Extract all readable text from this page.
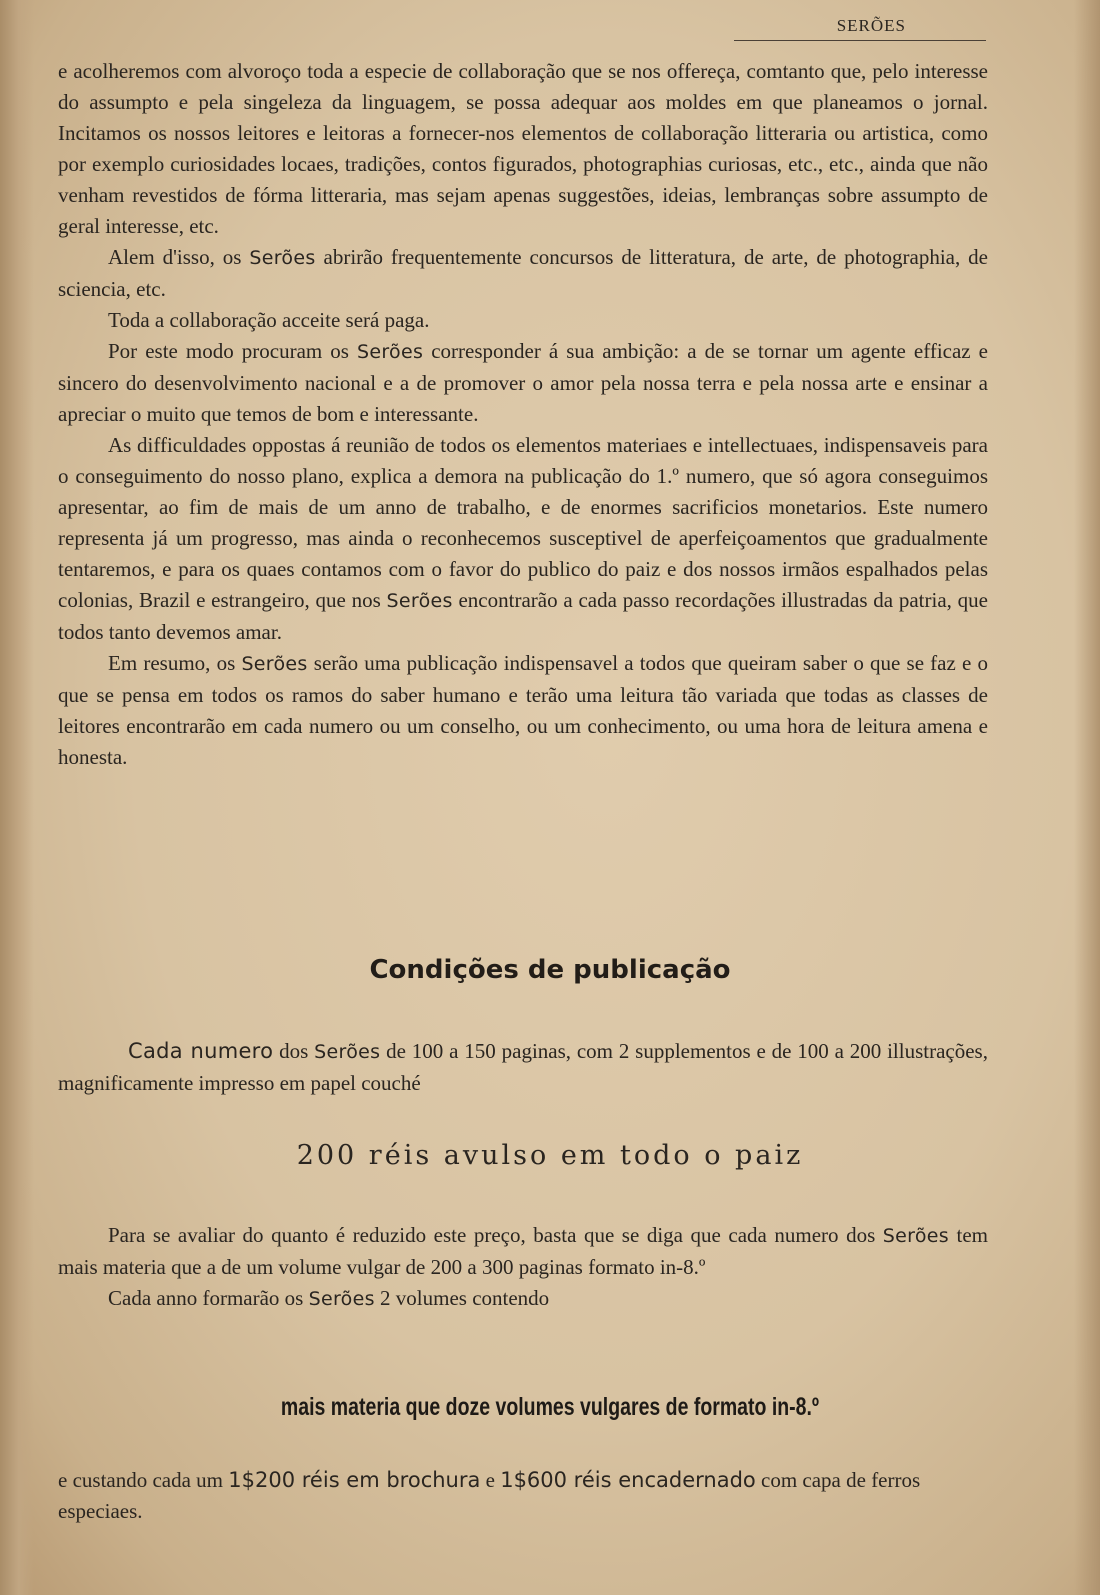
SERÕES

e acolheremos com alvoroço toda a especie de collaboração que se nos offereça, comtanto que, pelo interesse do assumpto e pela singeleza da linguagem, se possa adequar aos moldes em que planeamos o jornal. Incitamos os nossos leitores e leitoras a fornecer-nos elementos de collaboração litteraria ou artistica, como por exemplo curiosidades locaes, tradições, contos figurados, photographias curiosas, etc., etc., ainda que não venham revestidos de fórma litteraria, mas sejam apenas suggestões, ideias, lembranças sobre assumpto de geral interesse, etc.

Alem d'isso, os Serões abrirão frequentemente concursos de litteratura, de arte, de photographia, de sciencia, etc.

Toda a collaboração acceite será paga.

Por este modo procuram os Serões corresponder á sua ambição: a de se tornar um agente efficaz e sincero do desenvolvimento nacional e a de promover o amor pela nossa terra e pela nossa arte e ensinar a apreciar o muito que temos de bom e interessante.

As difficuldades oppostas á reunião de todos os elementos materiaes e intellectuaes, indispensaveis para o conseguimento do nosso plano, explica a demora na publicação do 1.º numero, que só agora conseguimos apresentar, ao fim de mais de um anno de trabalho, e de enormes sacrificios monetarios. Este numero representa já um progresso, mas ainda o reconhecemos susceptivel de aperfeiçoamentos que gradualmente tentaremos, e para os quaes contamos com o favor do publico do paiz e dos nossos irmãos espalhados pelas colonias, Brazil e estrangeiro, que nos Serões encontrarão a cada passo recordações illustradas da patria, que todos tanto devemos amar.

Em resumo, os Serões serão uma publicação indispensavel a todos que queiram saber o que se faz e o que se pensa em todos os ramos do saber humano e terão uma leitura tão variada que todas as classes de leitores encontrarão em cada numero ou um conselho, ou um conhecimento, ou uma hora de leitura amena e honesta.

Condições de publicação

Cada numero dos Serões de 100 a 150 paginas, com 2 supplementos e de 100 a 200 illustrações, magnificamente impresso em papel couché

200 réis avulso em todo o paiz

Para se avaliar do quanto é reduzido este preço, basta que se diga que cada numero dos Serões tem mais materia que a de um volume vulgar de 200 a 300 paginas formato in-8.º

Cada anno formarão os Serões 2 volumes contendo

mais materia que doze volumes vulgares de formato in-8.º

e custando cada um 1$200 réis em brochura e 1$600 réis encadernado com capa de ferros especiaes.
